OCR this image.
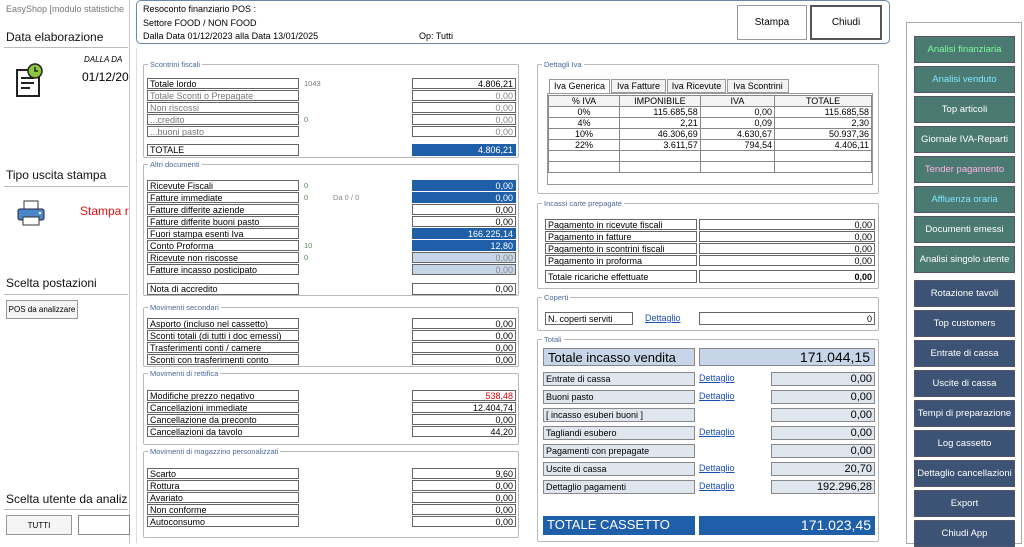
EasyShop [modulo statistiche
Data elaborazione
DALLA DA
01/12/20
Tipo uscita stampa
Stampa r
Scelta postazioni
POS da analizzare
Scelta utente da analiz
TUTTI
Resoconto finanziario POS :
Settore FOOD / NON FOOD
Dalla Data 01/12/2023 alla Data 13/01/2025	Op: Tutti
Stampa	Chiudi
Scontrini fiscali
Totale lordo	1043	4.806,21
Totale Sconti o Prepagate	0,00
Non riscossi	0,00
...credito	0	0,00
...buoni pasto	0,00
TOTALE	4.806,21
Altri documenti
Ricevute Fiscali	0	0,00
Fatture immediate	0	Da 0 / 0	0,00
Fatture differite aziende	0,00
Fatture differite buoni pasto	0,00
Fuori stampa esenti Iva	166.225,14
Conto Proforma	10	12,80
Ricevute non riscosse	0	0,00
Fatture incasso posticipato	0,00
Nota di accredito	0,00
Movimenti secondari
Asporto (incluso nel cassetto)	0,00
Sconti totali (di tutti i doc emessi)	0,00
Trasferimenti conti / camere	0,00
Sconti con trasferimenti conto	0,00
Movimenti di rettifica
Modifiche prezzo negativo	538,48
Cancellazioni immediate	12.404,74
Cancellazione da preconto	0,00
Cancellazioni da tavolo	44,20
Movimenti di magazzino personalizzati
Scarto	9,60
Rottura	0,00
Avariato	0,00
Non conforme	0,00
Autoconsumo	0,00
Dettagli Iva
Iva Generica	Iva Fatture	Iva Ricevute	Iva Scontrini
% IVA	IMPONIBILE	IVA	TOTALE
0%	115.685,58	0,00	115.685,58
4%	2,21	0,09	2,30
10%	46.306,69	4.630,67	50.937,36
22%	3.611,57	794,54	4.406,11

Incassi carte prepagate
Pagamento in ricevute fiscali	0,00
Pagamento in fatture	0,00
Pagamento in scontrini fiscali	0,00
Pagamento in proforma	0,00
Totale ricariche effettuate	0,00
Coperti
N. coperti serviti	Dettaglio	0
Totali
Totale incasso vendita	171.044,15
Entrate di cassa	Dettaglio	0,00
Buoni pasto	Dettaglio	0,00
[ incasso esuberi buoni ]	0,00
Tagliandi esubero	Dettaglio	0,00
Pagamenti con prepagate	0,00
Uscite di cassa	Dettaglio	20,70
Dettaglio pagamenti	Dettaglio	192.296,28
TOTALE CASSETTO	171.023,45
Analisi finanziaria
Analisi venduto
Top articoli
Giornale IVA-Reparti
Tender pagamento
Affluenza oraria
Documenti emessi
Analisi singolo utente
Rotazione tavoli
Top customers
Entrate di cassa
Uscite di cassa
Tempi di preparazione
Log cassetto
Dettaglio cancellazioni
Export
Chiudi App
